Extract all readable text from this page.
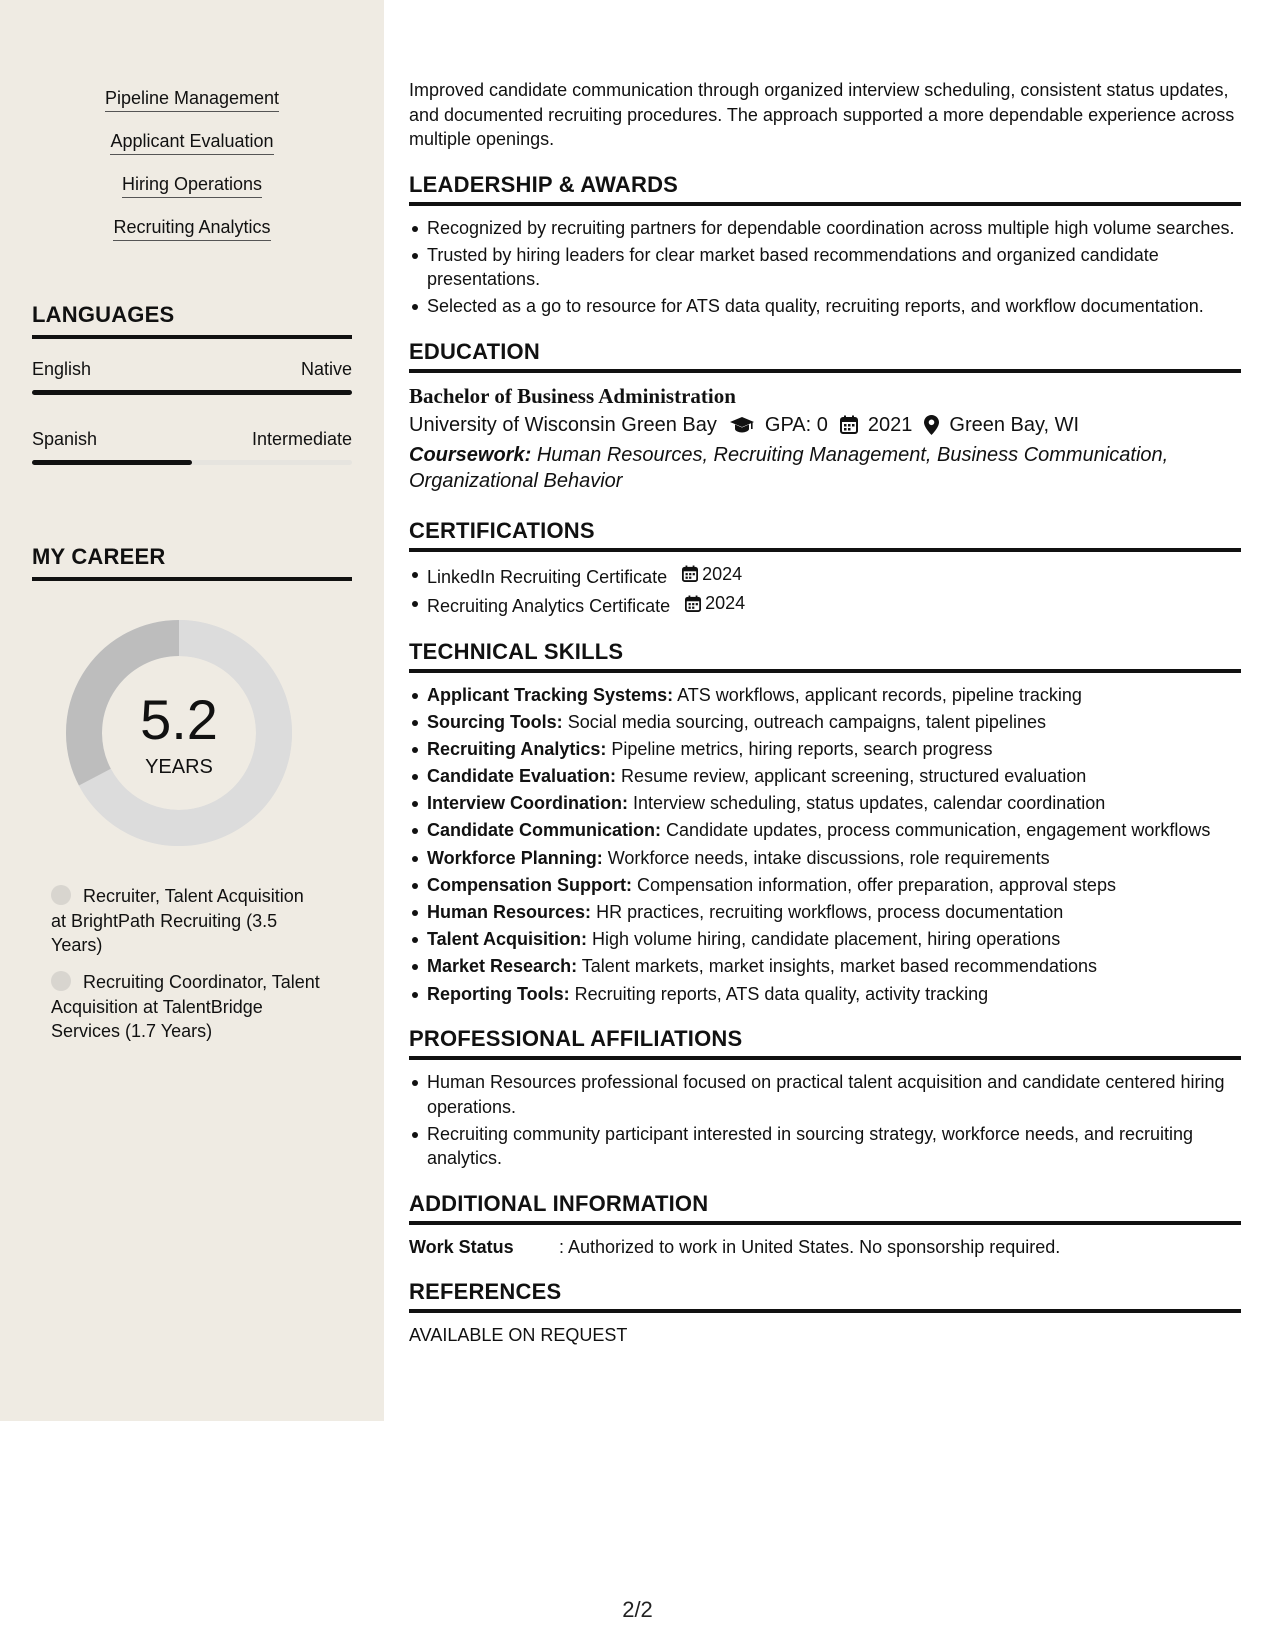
Pipeline Management
Applicant Evaluation
Hiring Operations
Recruiting Analytics
LANGUAGES
English	Native
Spanish	Intermediate
MY CAREER
5.2
YEARS
Recruiter, Talent Acquisition at BrightPath Recruiting (3.5 Years)
Recruiting Coordinator, Talent Acquisition at TalentBridge Services (1.7 Years)

Improved candidate communication through organized interview scheduling, consistent status updates, and documented recruiting procedures. The approach supported a more dependable experience across multiple openings.

LEADERSHIP & AWARDS
Recognized by recruiting partners for dependable coordination across multiple high volume searches.
Trusted by hiring leaders for clear market based recommendations and organized candidate presentations.
Selected as a go to resource for ATS data quality, recruiting reports, and workflow documentation.
EDUCATION
Bachelor of Business Administration
University of Wisconsin Green Bay GPA: 0 2021 Green Bay, WI
Coursework: Human Resources, Recruiting Management, Business Communication, Organizational Behavior
CERTIFICATIONS
LinkedIn Recruiting Certificate 2024
Recruiting Analytics Certificate 2024
TECHNICAL SKILLS
Applicant Tracking Systems: ATS workflows, applicant records, pipeline tracking
Sourcing Tools: Social media sourcing, outreach campaigns, talent pipelines
Recruiting Analytics: Pipeline metrics, hiring reports, search progress
Candidate Evaluation: Resume review, applicant screening, structured evaluation
Interview Coordination: Interview scheduling, status updates, calendar coordination
Candidate Communication: Candidate updates, process communication, engagement workflows
Workforce Planning: Workforce needs, intake discussions, role requirements
Compensation Support: Compensation information, offer preparation, approval steps
Human Resources: HR practices, recruiting workflows, process documentation
Talent Acquisition: High volume hiring, candidate placement, hiring operations
Market Research: Talent markets, market insights, market based recommendations
Reporting Tools: Recruiting reports, ATS data quality, activity tracking
PROFESSIONAL AFFILIATIONS
Human Resources professional focused on practical talent acquisition and candidate centered hiring operations.
Recruiting community participant interested in sourcing strategy, workforce needs, and recruiting analytics.
ADDITIONAL INFORMATION
Work Status	: Authorized to work in United States. No sponsorship required.
REFERENCES
AVAILABLE ON REQUEST
2/2
